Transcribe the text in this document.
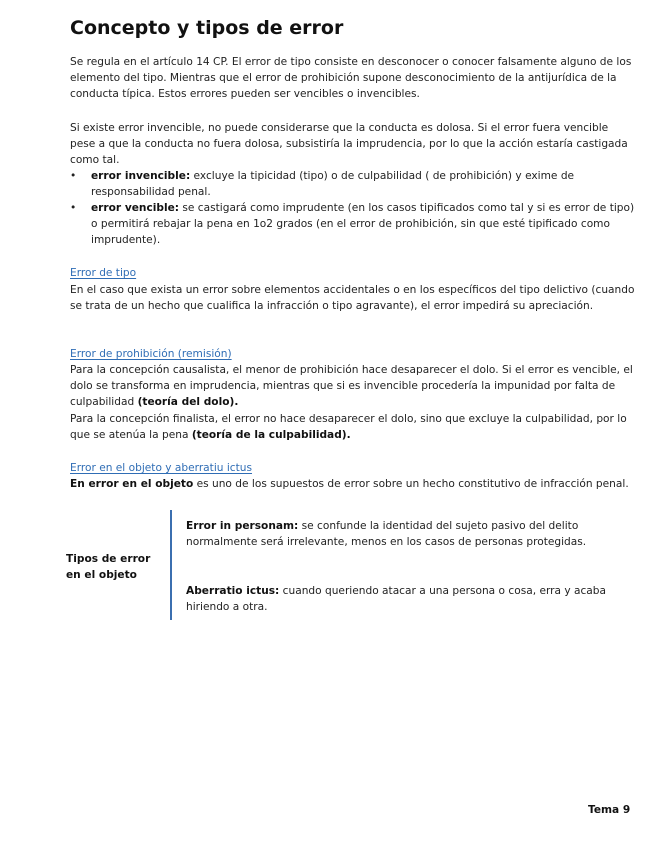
Concepto y tipos de error

Se regula en el artículo 14 CP. El error de tipo consiste en desconocer o conocer falsamente alguno de los elemento del tipo. Mientras que el error de prohibición supone desconocimiento de la antijurídica de la conducta típica. Estos errores pueden ser vencibles o invencibles.

Si existe error invencible, no puede considerarse que la conducta es dolosa. Si el error fuera vencible pese a que la conducta no fuera dolosa, subsistiría la imprudencia, por lo que la acción estaría castigada como tal.

• error invencible: excluye la tipicidad (tipo) o de culpabilidad ( de prohibición) y exime de responsabilidad penal.
• error vencible: se castigará como imprudente (en los casos tipificados como tal y si es error de tipo) o permitirá rebajar la pena en 1o2 grados (en el error de prohibición, sin que esté tipificado como imprudente).
Error de tipo

En el caso que exista un error sobre elementos accidentales o en los específicos del tipo delictivo (cuando se trata de un hecho que cualifica la infracción o tipo agravante), el error impedirá su apreciación.

Error de prohibición (remisión)

Para la concepción causalista, el menor de prohibición hace desaparecer el dolo. Si el error es vencible, el dolo se transforma en imprudencia, mientras que si es invencible procedería la impunidad por falta de culpabilidad (teoría del dolo).

Para la concepción finalista, el error no hace desaparecer el dolo, sino que excluye la culpabilidad, por lo que se atenúa la pena (teoría de la culpabilidad).

Error en el objeto y aberratiu ictus

En error en el objeto es uno de los supuestos de error sobre un hecho constitutivo de infracción penal.

Tipos de error en el objeto

Error in personam: se confunde la identidad del sujeto pasivo del delito normalmente será irrelevante, menos en los casos de personas protegidas.

Aberratio ictus: cuando queriendo atacar a una persona o cosa, erra y acaba hiriendo a otra.

Tema 9
